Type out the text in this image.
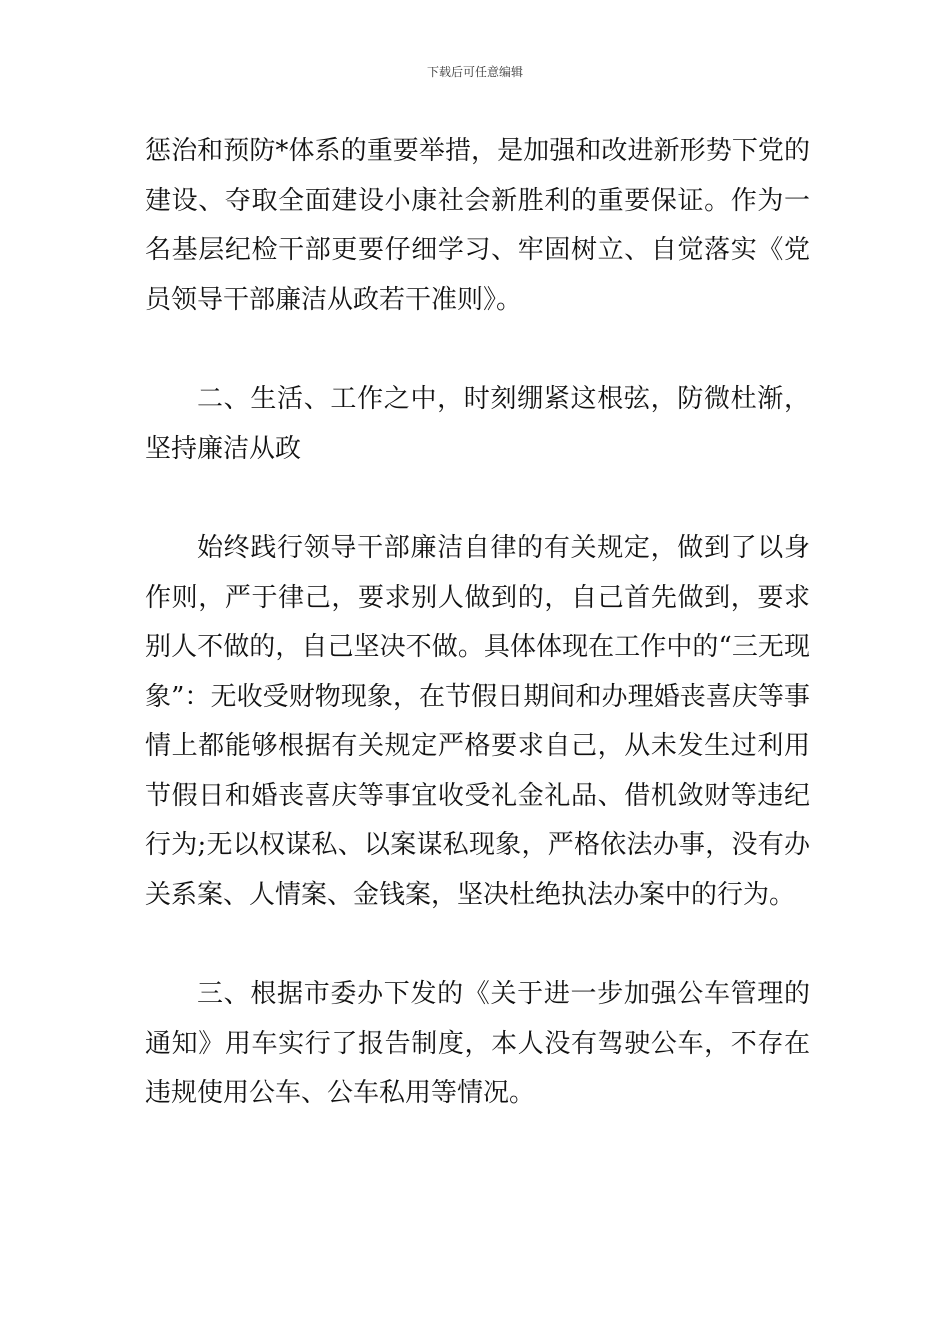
下载后可任意编辑

惩治和预防*体系的重要举措，是加强和改进新形势下党的建设、夺取全面建设小康社会新胜利的重要保证。作为一名基层纪检干部更要仔细学习、牢固树立、自觉落实《党员领导干部廉洁从政若干准则》。

二、生活、工作之中，时刻绷紧这根弦，防微杜渐，坚持廉洁从政

始终践行领导干部廉洁自律的有关规定，做到了以身作则，严于律己，要求别人做到的，自己首先做到，要求别人不做的，自己坚决不做。具体体现在工作中的“三无现象”：无收受财物现象，在节假日期间和办理婚丧喜庆等事情上都能够根据有关规定严格要求自己，从未发生过利用节假日和婚丧喜庆等事宜收受礼金礼品、借机敛财等违纪行为;无以权谋私、以案谋私现象，严格依法办事，没有办关系案、人情案、金钱案，坚决杜绝执法办案中的行为。

三、根据市委办下发的《关于进一步加强公车管理的通知》用车实行了报告制度，本人没有驾驶公车，不存在违规使用公车、公车私用等情况。
